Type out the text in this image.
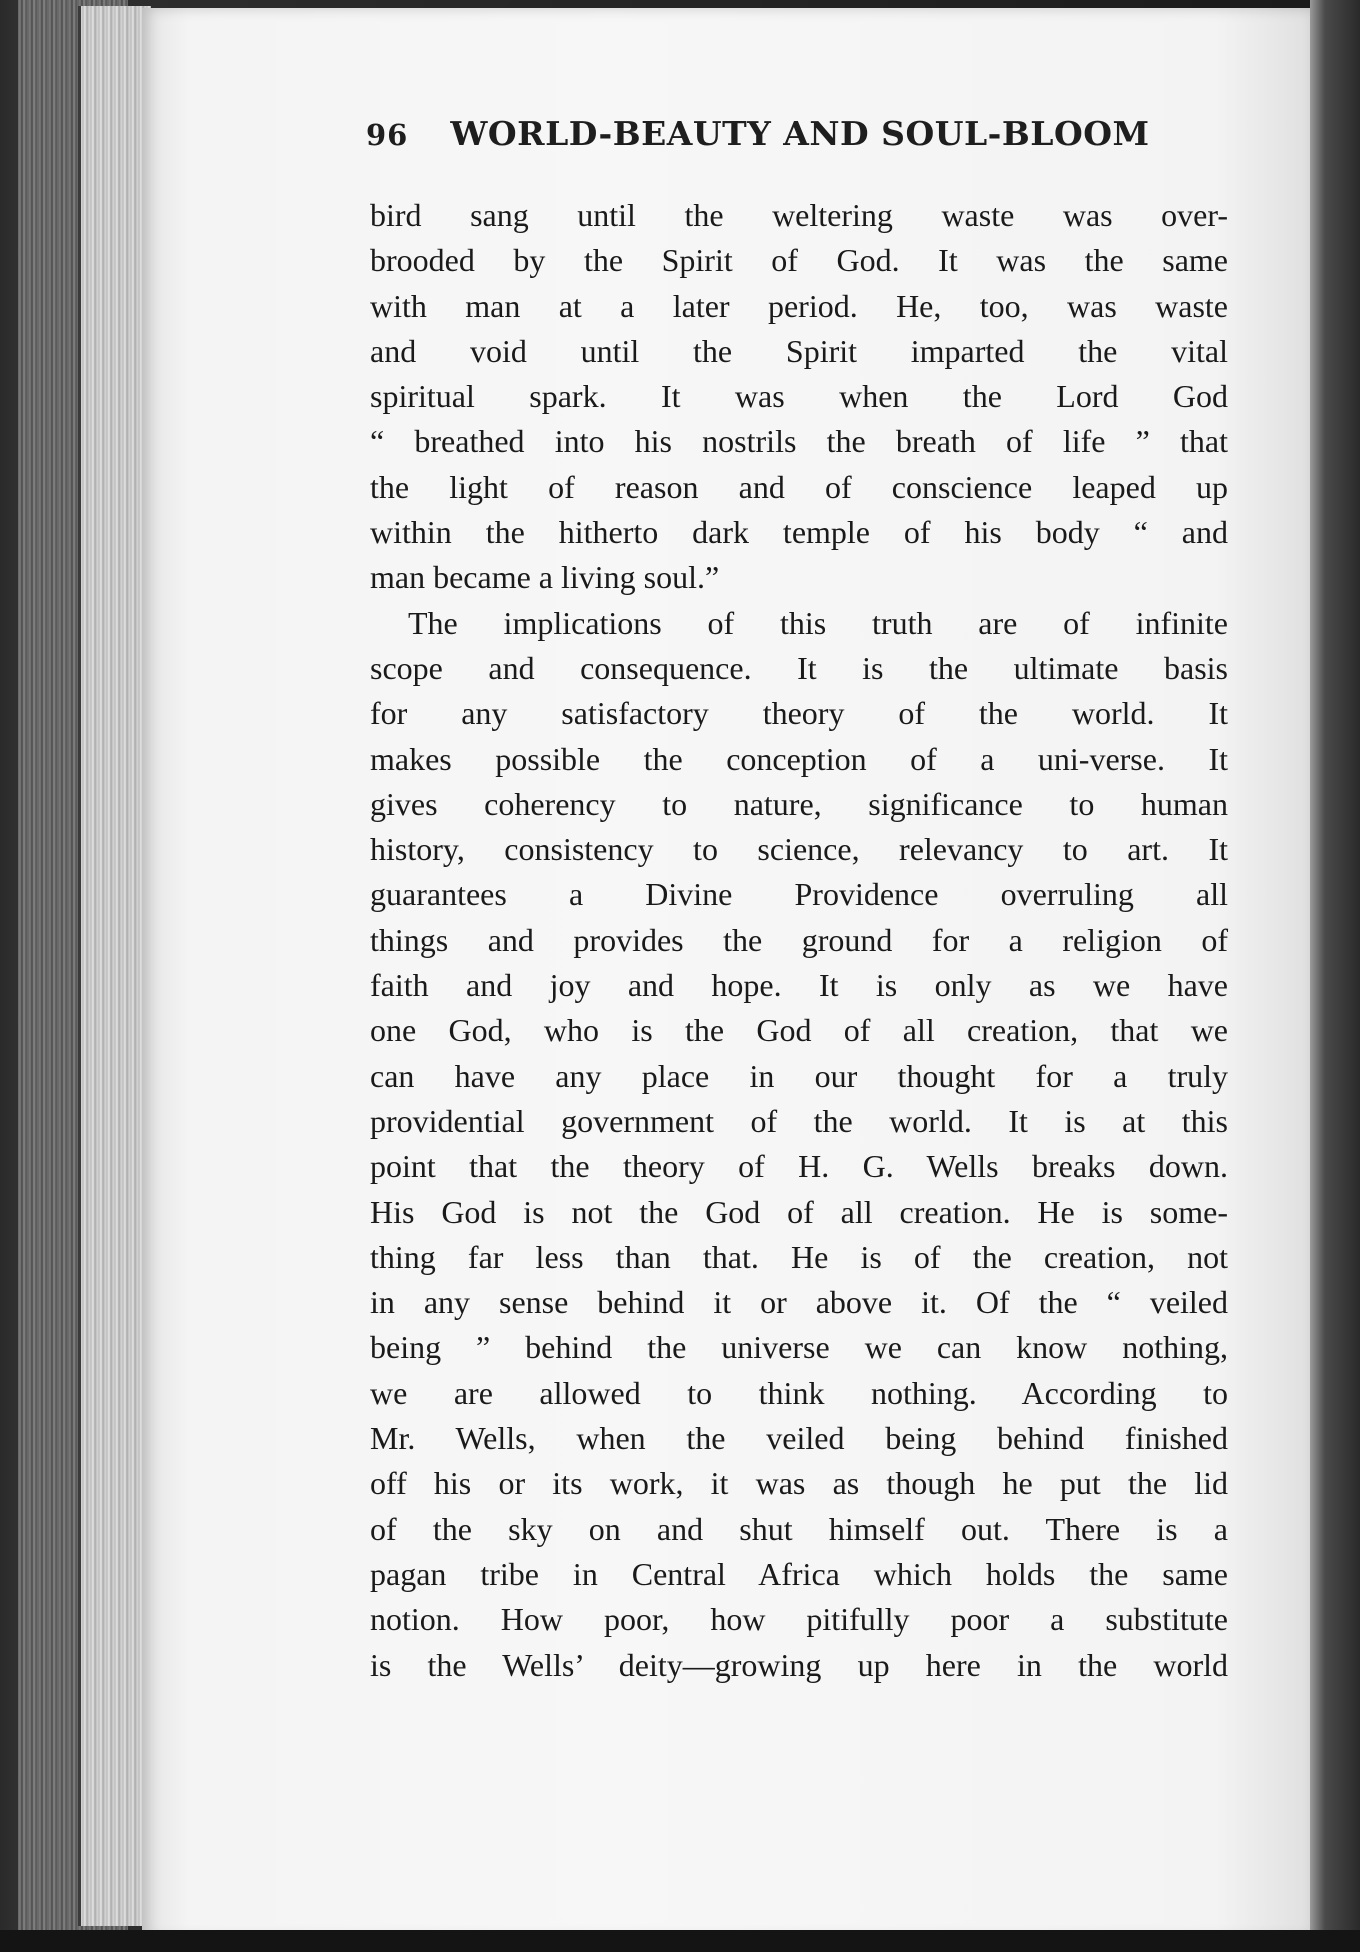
96 WORLD-BEAUTY AND SOUL-BLOOM
bird sang until the weltering waste was over-
brooded by the Spirit of God. It was the same
with man at a later period. He, too, was waste
and void until the Spirit imparted the vital
spiritual spark. It was when the Lord God
“ breathed into his nostrils the breath of life ” that
the light of reason and of conscience leaped up
within the hitherto dark temple of his body “ and
man became a living soul.”
The implications of this truth are of infinite
scope and consequence. It is the ultimate basis
for any satisfactory theory of the world. It
makes possible the conception of a uni-verse. It
gives coherency to nature, significance to human
history, consistency to science, relevancy to art. It
guarantees a Divine Providence overruling all
things and provides the ground for a religion of
faith and joy and hope. It is only as we have
one God, who is the God of all creation, that we
can have any place in our thought for a truly
providential government of the world. It is at this
point that the theory of H. G. Wells breaks down.
His God is not the God of all creation. He is some-
thing far less than that. He is of the creation, not
in any sense behind it or above it. Of the “ veiled
being ” behind the universe we can know nothing,
we are allowed to think nothing. According to
Mr. Wells, when the veiled being behind finished
off his or its work, it was as though he put the lid
of the sky on and shut himself out. There is a
pagan tribe in Central Africa which holds the same
notion. How poor, how pitifully poor a substitute
is the Wells’ deity—growing up here in the world
